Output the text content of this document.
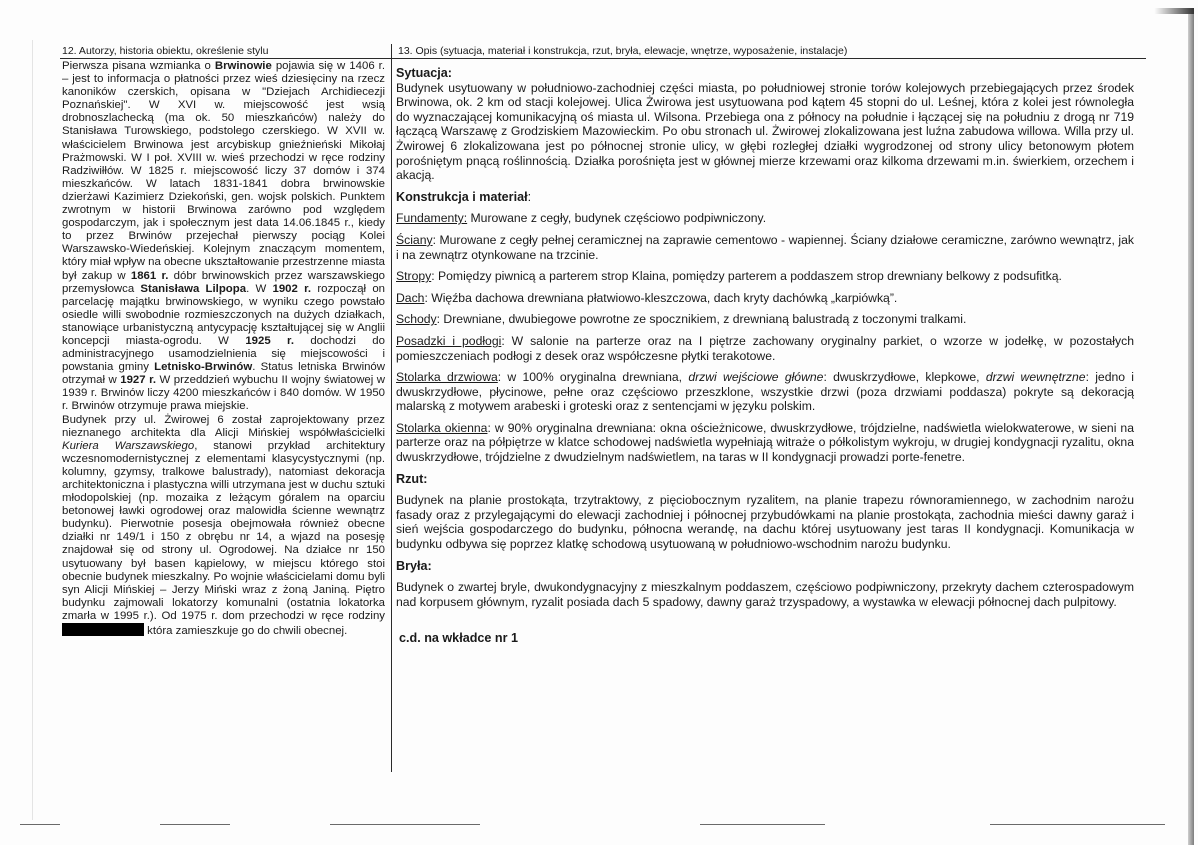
12. Autorzy, historia obiektu, określenie stylu	13. Opis (sytuacja, materiał i konstrukcja, rzut, bryła, elewacje, wnętrze, wyposażenie, instalacje)

Pierwsza pisana wzmianka o Brwinowie pojawia się w 1406 r. – jest to informacja o płatności przez wieś dziesięciny na rzecz kanoników czerskich, opisana w "Dziejach Archidiecezji Poznańskiej". W XVI w. miejscowość jest wsią drobnoszlachecką (ma ok. 50 mieszkańców) należy do Stanisława Turowskiego, podstolego czerskiego. W XVII w. właścicielem Brwinowa jest arcybiskup gnieźnieński Mikołaj Prażmowski. W I poł. XVIII w. wieś przechodzi w ręce rodziny Radziwiłłów. W 1825 r. miejscowość liczy 37 domów i 374 mieszkańców. W latach 1831-1841 dobra brwinowskie dzierżawi Kazimierz Dziekoński, gen. wojsk polskich. Punktem zwrotnym w historii Brwinowa zarówno pod względem gospodarczym, jak i społecznym jest data 14.06.1845 r., kiedy to przez Brwinów przejechał pierwszy pociąg Kolei Warszawsko-Wiedeńskiej. Kolejnym znaczącym momentem, który miał wpływ na obecne ukształtowanie przestrzenne miasta był zakup w 1861 r. dóbr brwinowskich przez warszawskiego przemysłowca Stanisława Lilpopa. W 1902 r. rozpoczął on parcelację majątku brwinowskiego, w wyniku czego powstało osiedle willi swobodnie rozmieszczonych na dużych działkach, stanowiące urbanistyczną antycypację kształtującej się w Anglii koncepcji miasta-ogrodu. W 1925 r. dochodzi do administracyjnego usamodzielnienia się miejscowości i powstania gminy Letnisko-Brwinów. Status letniska Brwinów otrzymał w 1927 r. W przeddzień wybuchu II wojny światowej w 1939 r. Brwinów liczy 4200 mieszkańców i 840 domów. W 1950 r. Brwinów otrzymuje prawa miejskie.

Budynek przy ul. Żwirowej 6 został zaprojektowany przez nieznanego architekta dla Alicji Mińskiej współwłaścicielki Kuriera Warszawskiego, stanowi przykład architektury wczesnomodernistycznej z elementami klasycystycznymi (np. kolumny, gzymsy, tralkowe balustrady), natomiast dekoracja architektoniczna i plastyczna willi utrzymana jest w duchu sztuki młodopolskiej (np. mozaika z leżącym góralem na oparciu betonowej ławki ogrodowej oraz malowidła ścienne wewnątrz budynku). Pierwotnie posesja obejmowała również obecne działki nr 149/1 i 150 z obrębu nr 14, a wjazd na posesję znajdował się od strony ul. Ogrodowej. Na działce nr 150 usytuowany był basen kąpielowy, w miejscu którego stoi obecnie budynek mieszkalny. Po wojnie właścicielami domu byli syn Alicji Mińskiej – Jerzy Miński wraz z żoną Janiną. Piętro budynku zajmowali lokatorzy komunalni (ostatnia lokatorka zmarła w 1995 r.). Od 1975 r. dom przechodzi w ręce rodziny  która zamieszkuje go do chwili obecnej.

Sytuacja:

Budynek usytuowany w południowo-zachodniej części miasta, po południowej stronie torów kolejowych przebiegających przez środek Brwinowa, ok. 2 km od stacji kolejowej. Ulica Żwirowa jest usytuowana pod kątem 45 stopni do ul. Leśnej, która z kolei jest równoległa do wyznaczającej komunikacyjną oś miasta ul. Wilsona. Przebiega ona z północy na południe i łączącej się na południu z drogą nr 719 łączącą Warszawę z Grodziskiem Mazowieckim. Po obu stronach ul. Żwirowej zlokalizowana jest luźna zabudowa willowa. Willa przy ul. Żwirowej 6 zlokalizowana jest po północnej stronie ulicy, w głębi rozległej działki wygrodzonej od strony ulicy betonowym płotem porośniętym pnącą roślinnością. Działka porośnięta jest w głównej mierze krzewami oraz kilkoma drzewami m.in. świerkiem, orzechem i akacją.

Konstrukcja i materiał:

Fundamenty: Murowane z cegły, budynek częściowo podpiwniczony.

Ściany: Murowane z cegły pełnej ceramicznej na zaprawie cementowo - wapiennej. Ściany działowe ceramiczne, zarówno wewnątrz, jak i na zewnątrz otynkowane na trzcinie.

Stropy: Pomiędzy piwnicą a parterem strop Klaina, pomiędzy parterem a poddaszem strop drewniany belkowy z podsufitką.

Dach: Więźba dachowa drewniana płatwiowo-kleszczowa, dach kryty dachówką „karpiówką”.

Schody: Drewniane, dwubiegowe powrotne ze spocznikiem, z drewnianą balustradą z toczonymi tralkami.

Posadzki i podłogi: W salonie na parterze oraz na I piętrze zachowany oryginalny parkiet, o wzorze w jodełkę, w pozostałych pomieszczeniach podłogi z desek oraz współczesne płytki terakotowe.

Stolarka drzwiowa: w 100% oryginalna drewniana, drzwi wejściowe główne: dwuskrzydłowe, klepkowe, drzwi wewnętrzne: jedno i dwuskrzydłowe, płycinowe, pełne oraz częściowo przeszklone, wszystkie drzwi (poza drzwiami poddasza) pokryte są dekoracją malarską z motywem arabeski i groteski oraz z sentencjami w języku polskim.

Stolarka okienna: w 90% oryginalna drewniana: okna ościeżnicowe, dwuskrzydłowe, trójdzielne, nadświetla wielokwaterowe, w sieni na parterze oraz na półpiętrze w klatce schodowej nadświetla wypełniają witraże o półkolistym wykroju, w drugiej kondygnacji ryzalitu, okna dwuskrzydłowe, trójdzielne z dwudzielnym nadświetlem, na taras w II kondygnacji prowadzi porte-fenetre.

Rzut:

Budynek na planie prostokąta, trzytraktowy, z pięciobocznym ryzalitem, na planie trapezu równoramiennego, w zachodnim narożu fasady oraz z przylegającymi do elewacji zachodniej i północnej przybudówkami na planie prostokąta, zachodnia mieści dawny garaż i sień wejścia gospodarczego do budynku, północna werandę, na dachu której usytuowany jest taras II kondygnacji. Komunikacja w budynku odbywa się poprzez klatkę schodową usytuowaną w południowo-wschodnim narożu budynku.

Bryła:

Budynek o zwartej bryle, dwukondygnacyjny z mieszkalnym poddaszem, częściowo podpiwniczony, przekryty dachem czterospadowym nad korpusem głównym, ryzalit posiada dach 5 spadowy, dawny garaż trzyspadowy, a wystawka w elewacji północnej dach pulpitowy.

c.d. na wkładce nr 1
